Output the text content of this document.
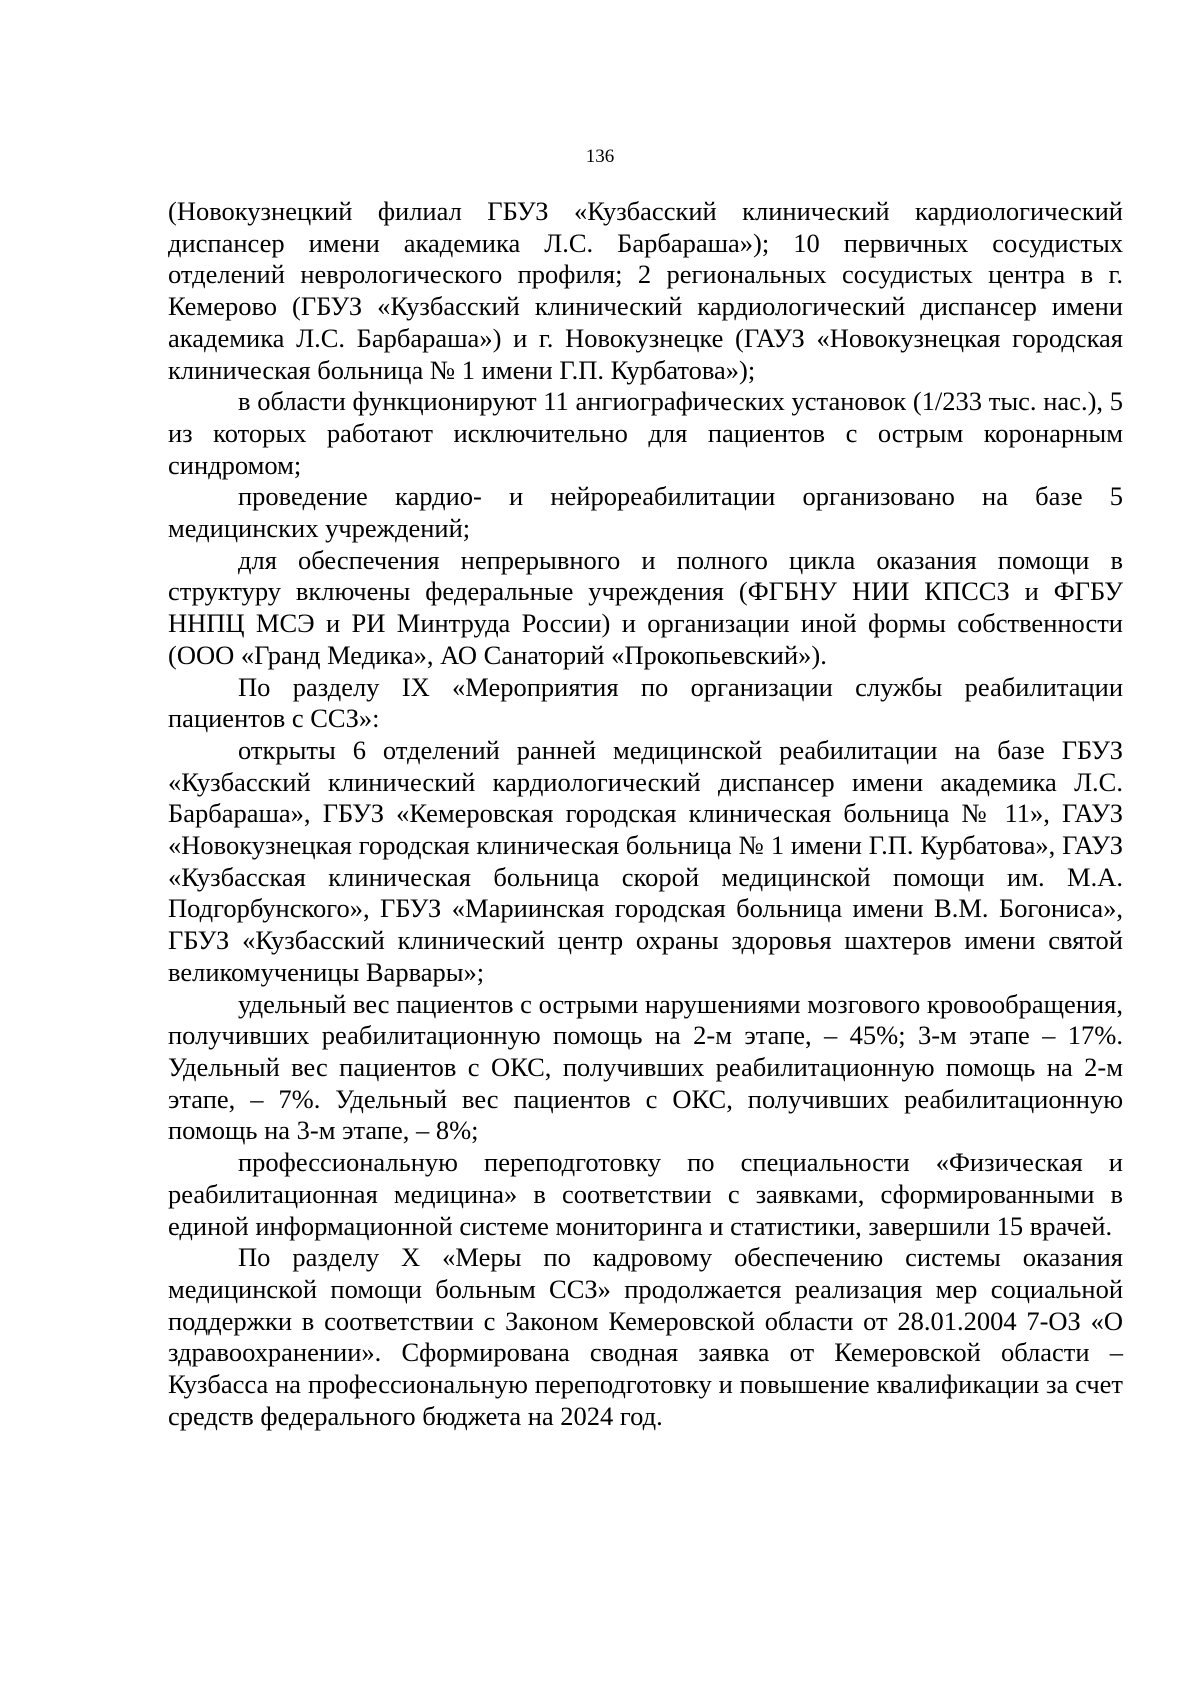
136

(Новокузнецкий филиал ГБУЗ «Кузбасский клинический кардиологический диспансер имени академика Л.С. Барбараша»); 10 первичных сосудистых отделений неврологического профиля; 2 региональных сосудистых центра в г. Кемерово (ГБУЗ «Кузбасский клинический кардиологический диспансер имени академика Л.С. Барбараша») и г. Новокузнецке (ГАУЗ «Новокузнецкая городская клиническая больница № 1 имени Г.П. Курбатова»);

в области функционируют 11 ангиографических установок (1/233 тыс. нас.), 5 из которых работают исключительно для пациентов с острым коронарным синдромом;

проведение кардио- и нейрореабилитации организовано на базе 5 медицинских учреждений;

для обеспечения непрерывного и полного цикла оказания помощи в структуру включены федеральные учреждения (ФГБНУ НИИ КПССЗ и ФГБУ ННПЦ МСЭ и РИ Минтруда России) и организации иной формы собственности (ООО «Гранд Медика», АО Санаторий «Прокопьевский»).

По разделу IX «Мероприятия по организации службы реабилитации пациентов с ССЗ»:

открыты 6 отделений ранней медицинской реабилитации на базе ГБУЗ «Кузбасский клинический кардиологический диспансер имени академика Л.С. Барбараша», ГБУЗ «Кемеровская городская клиническая больница № 11», ГАУЗ «Новокузнецкая городская клиническая больница № 1 имени Г.П. Курбатова», ГАУЗ «Кузбасская клиническая больница скорой медицинской помощи им. М.А. Подгорбунского», ГБУЗ «Мариинская городская больница имени В.М. Богониса», ГБУЗ «Кузбасский клинический центр охраны здоровья шахтеров имени святой великомученицы Варвары»;

удельный вес пациентов с острыми нарушениями мозгового кровообращения, получивших реабилитационную помощь на 2-м этапе, – 45%; 3-м этапе – 17%. Удельный вес пациентов с ОКС, получивших реабилитационную помощь на 2-м этапе, – 7%. Удельный вес пациентов с ОКС, получивших реабилитационную помощь на 3-м этапе, – 8%;

профессиональную переподготовку по специальности «Физическая и реабилитационная медицина» в соответствии с заявками, сформированными в единой информационной системе мониторинга и статистики, завершили 15 врачей.

По разделу X «Меры по кадровому обеспечению системы оказания медицинской помощи больным ССЗ» продолжается реализация мер социальной поддержки в соответствии с Законом Кемеровской области от 28.01.2004 7-ОЗ «О здравоохранении». Сформирована сводная заявка от Кемеровской области – Кузбасса на профессиональную переподготовку и повышение квалификации за счет средств федерального бюджета на 2024 год.
